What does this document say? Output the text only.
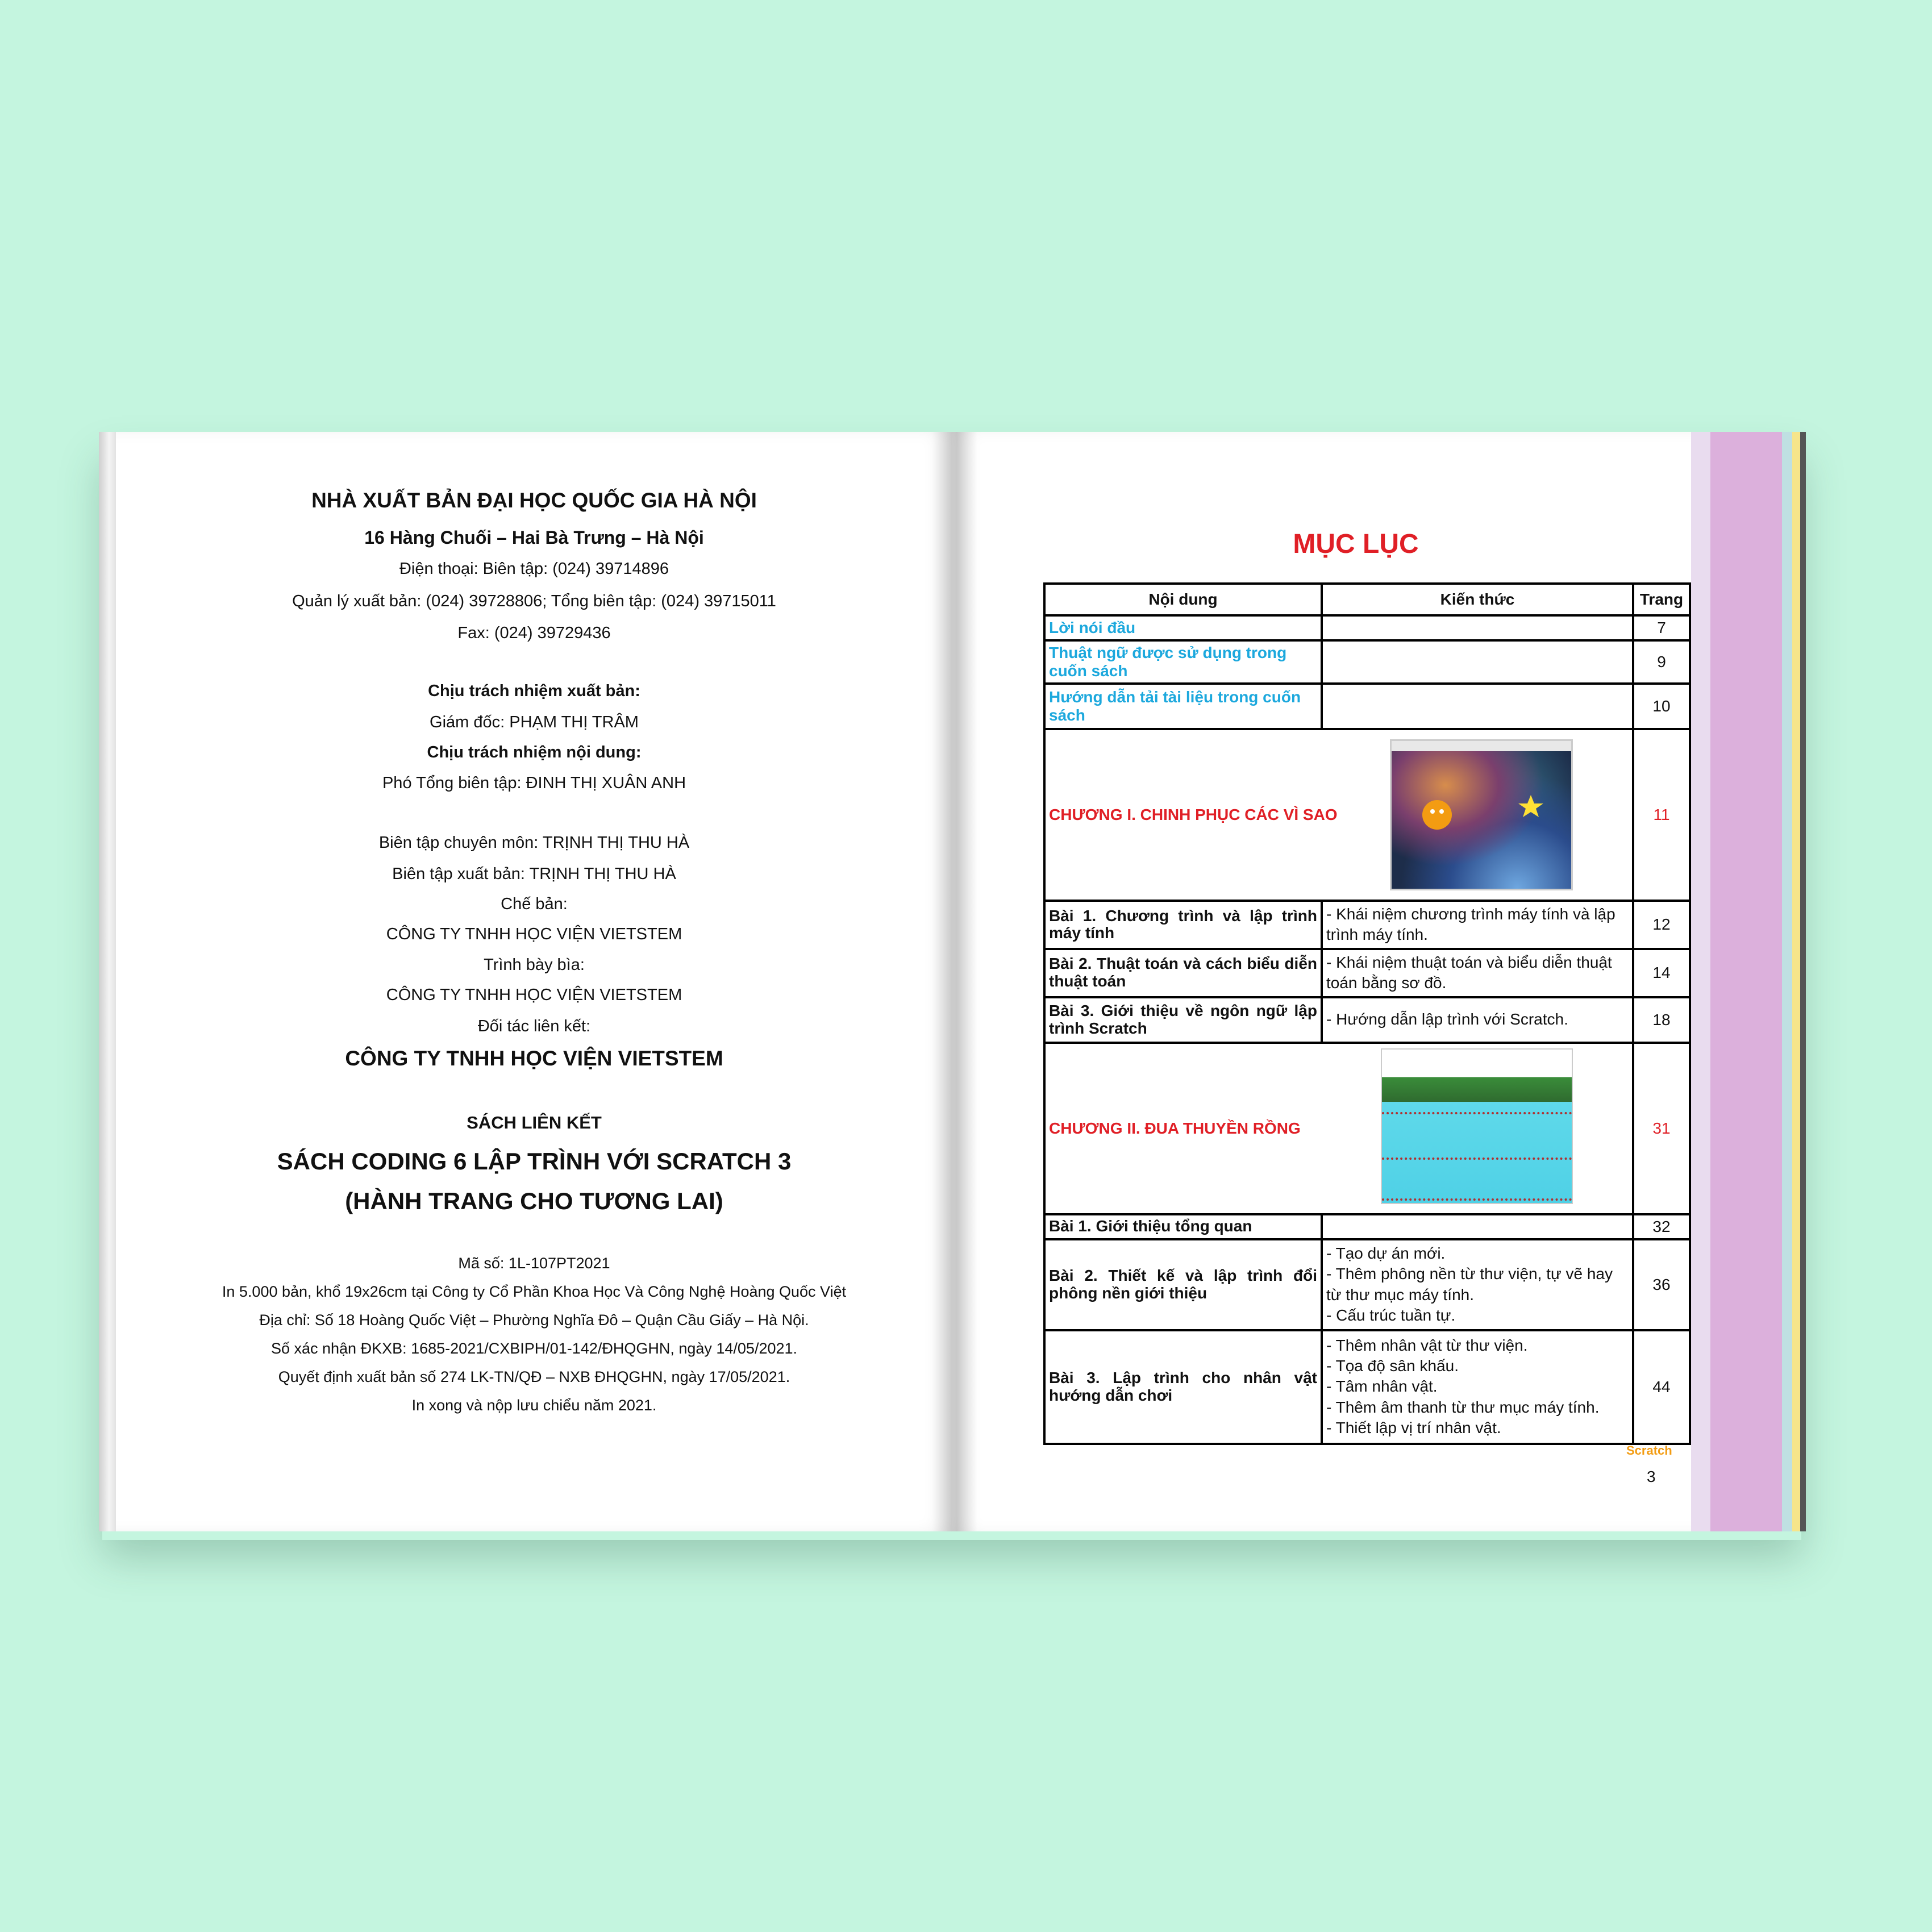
NHÀ XUẤT BẢN ĐẠI HỌC QUỐC GIA HÀ NỘI
16 Hàng Chuối – Hai Bà Trưng – Hà Nội
Điện thoại: Biên tập: (024) 39714896
Quản lý xuất bản: (024) 39728806; Tổng biên tập: (024) 39715011
Fax: (024) 39729436
Chịu trách nhiệm xuất bản:
Giám đốc: PHẠM THỊ TRÂM
Chịu trách nhiệm nội dung:
Phó Tổng biên tập: ĐINH THỊ XUÂN ANH
Biên tập chuyên môn: TRỊNH THỊ THU HÀ
Biên tập xuất bản: TRỊNH THỊ THU HÀ
Chế bản:
CÔNG TY TNHH HỌC VIỆN VIETSTEM
Trình bày bìa:
CÔNG TY TNHH HỌC VIỆN VIETSTEM
Đối tác liên kết:
CÔNG TY TNHH HỌC VIỆN VIETSTEM
SÁCH LIÊN KẾT
SÁCH CODING 6 LẬP TRÌNH VỚI SCRATCH 3
(HÀNH TRANG CHO TƯƠNG LAI)
Mã số: 1L-107PT2021
In 5.000 bản, khổ 19x26cm tại Công ty Cổ Phần Khoa Học Và Công Nghệ Hoàng Quốc Việt
Địa chỉ: Số 18 Hoàng Quốc Việt – Phường Nghĩa Đô – Quận Cầu Giấy – Hà Nội.
Số xác nhận ĐKXB: 1685-2021/CXBIPH/01-142/ĐHQGHN, ngày 14/05/2021.
Quyết định xuất bản số 274 LK-TN/QĐ – NXB ĐHQGHN, ngày 17/05/2021.
In xong và nộp lưu chiểu năm 2021.
MỤC LỤC
Nội dung	Kiến thức	Trang
Lời nói đầu		7
Thuật ngữ được sử dụng trong cuốn sách		9
Hướng dẫn tải tài liệu trong cuốn sách		10
CHƯƠNG I. CHINH PHỤC CÁC VÌ SAO		11
Bài 1. Chương trình và lập trình máy tính	- Khái niệm chương trình máy tính và lập trình máy tính.	12
Bài 2. Thuật toán và cách biểu diễn thuật toán	- Khái niệm thuật toán và biểu diễn thuật toán bằng sơ đồ.	14
Bài 3. Giới thiệu về ngôn ngữ lập trình Scratch	- Hướng dẫn lập trình với Scratch.	18
CHƯƠNG II. ĐUA THUYỀN RỒNG		31
Bài 1. Giới thiệu tổng quan		32
Bài 2. Thiết kế và lập trình đổi phông nền giới thiệu	- Tạo dự án mới.
- Thêm phông nền từ thư viện, tự vẽ hay từ thư mục máy tính.
- Cấu trúc tuần tự.	36
Bài 3. Lập trình cho nhân vật hướng dẫn chơi	- Thêm nhân vật từ thư viện.
- Tọa độ sân khấu.
- Tâm nhân vật.
- Thêm âm thanh từ thư mục máy tính.
- Thiết lập vị trí nhân vật.	44
Scratch
3
